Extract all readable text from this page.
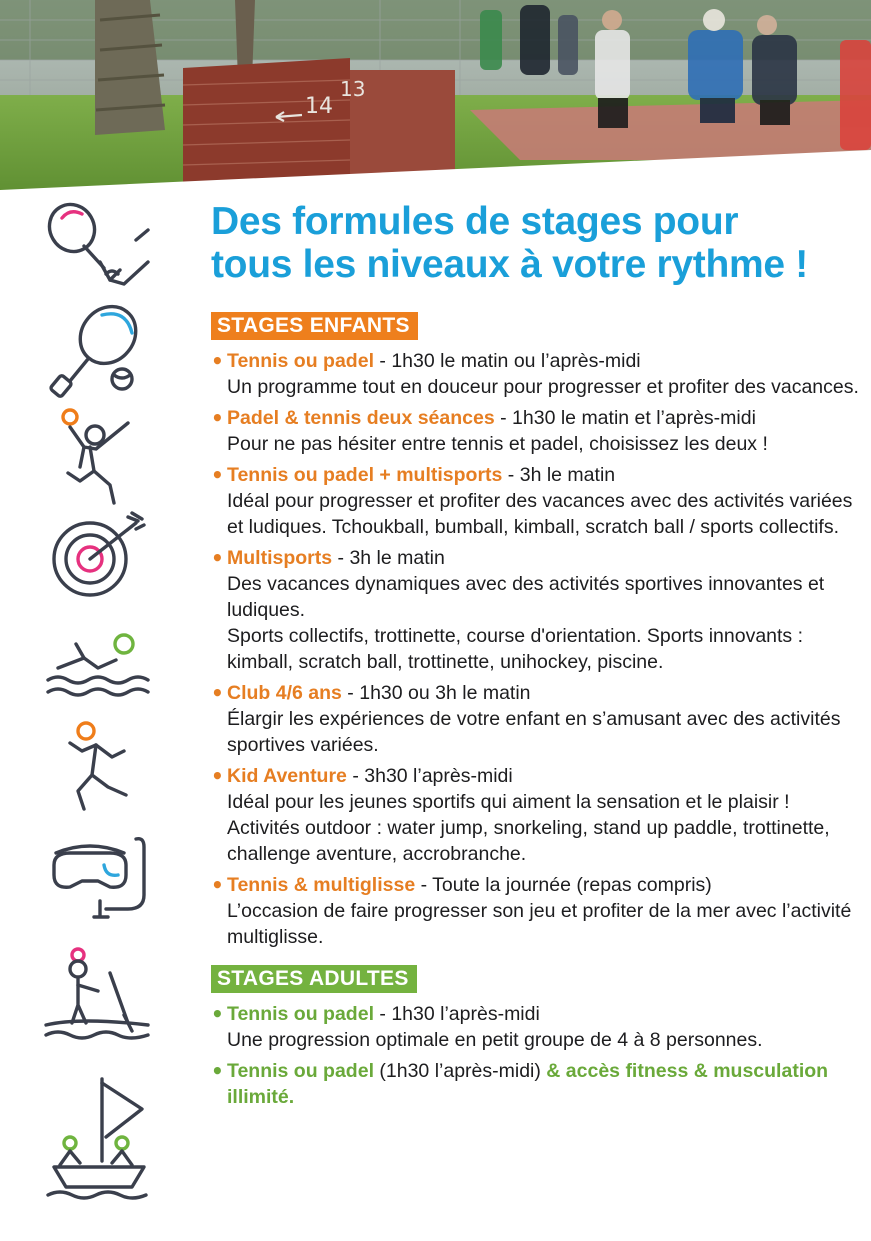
14
13
Des formules de stages pour
tous les niveaux à votre rythme !
STAGES ENFANTS
• Tennis ou padel - 1h30 le matin ou l’après-midi
Un programme tout en douceur pour progresser et profiter des vacances.
• Padel & tennis deux séances - 1h30 le matin et l’après-midi
Pour ne pas hésiter entre tennis et padel, choisissez les deux !
• Tennis ou padel + multisports - 3h le matin
Idéal pour progresser et profiter des vacances avec des activités variées et ludiques. Tchoukball, bumball, kimball, scratch ball / sports collectifs.
• Multisports - 3h le matin
Des vacances dynamiques avec des activités sportives innovantes et ludiques.
Sports collectifs, trottinette, course d'orientation. Sports innovants : kimball, scratch ball, trottinette, unihockey, piscine.
• Club 4/6 ans - 1h30 ou 3h le matin
Élargir les expériences de votre enfant en s’amusant avec des activités sportives variées.
• Kid Aventure - 3h30 l’après-midi
Idéal pour les jeunes sportifs qui aiment la sensation et le plaisir !
Activités outdoor : water jump, snorkeling, stand up paddle, trottinette, challenge aventure, accrobranche.
• Tennis & multiglisse - Toute la journée (repas compris)
L’occasion de faire progresser son jeu et profiter de la mer avec l’activité multiglisse.
STAGES ADULTES
• Tennis ou padel - 1h30 l’après-midi
Une progression optimale en petit groupe de 4 à 8 personnes.
• Tennis ou padel (1h30 l’après-midi) & accès fitness & musculation illimité.
